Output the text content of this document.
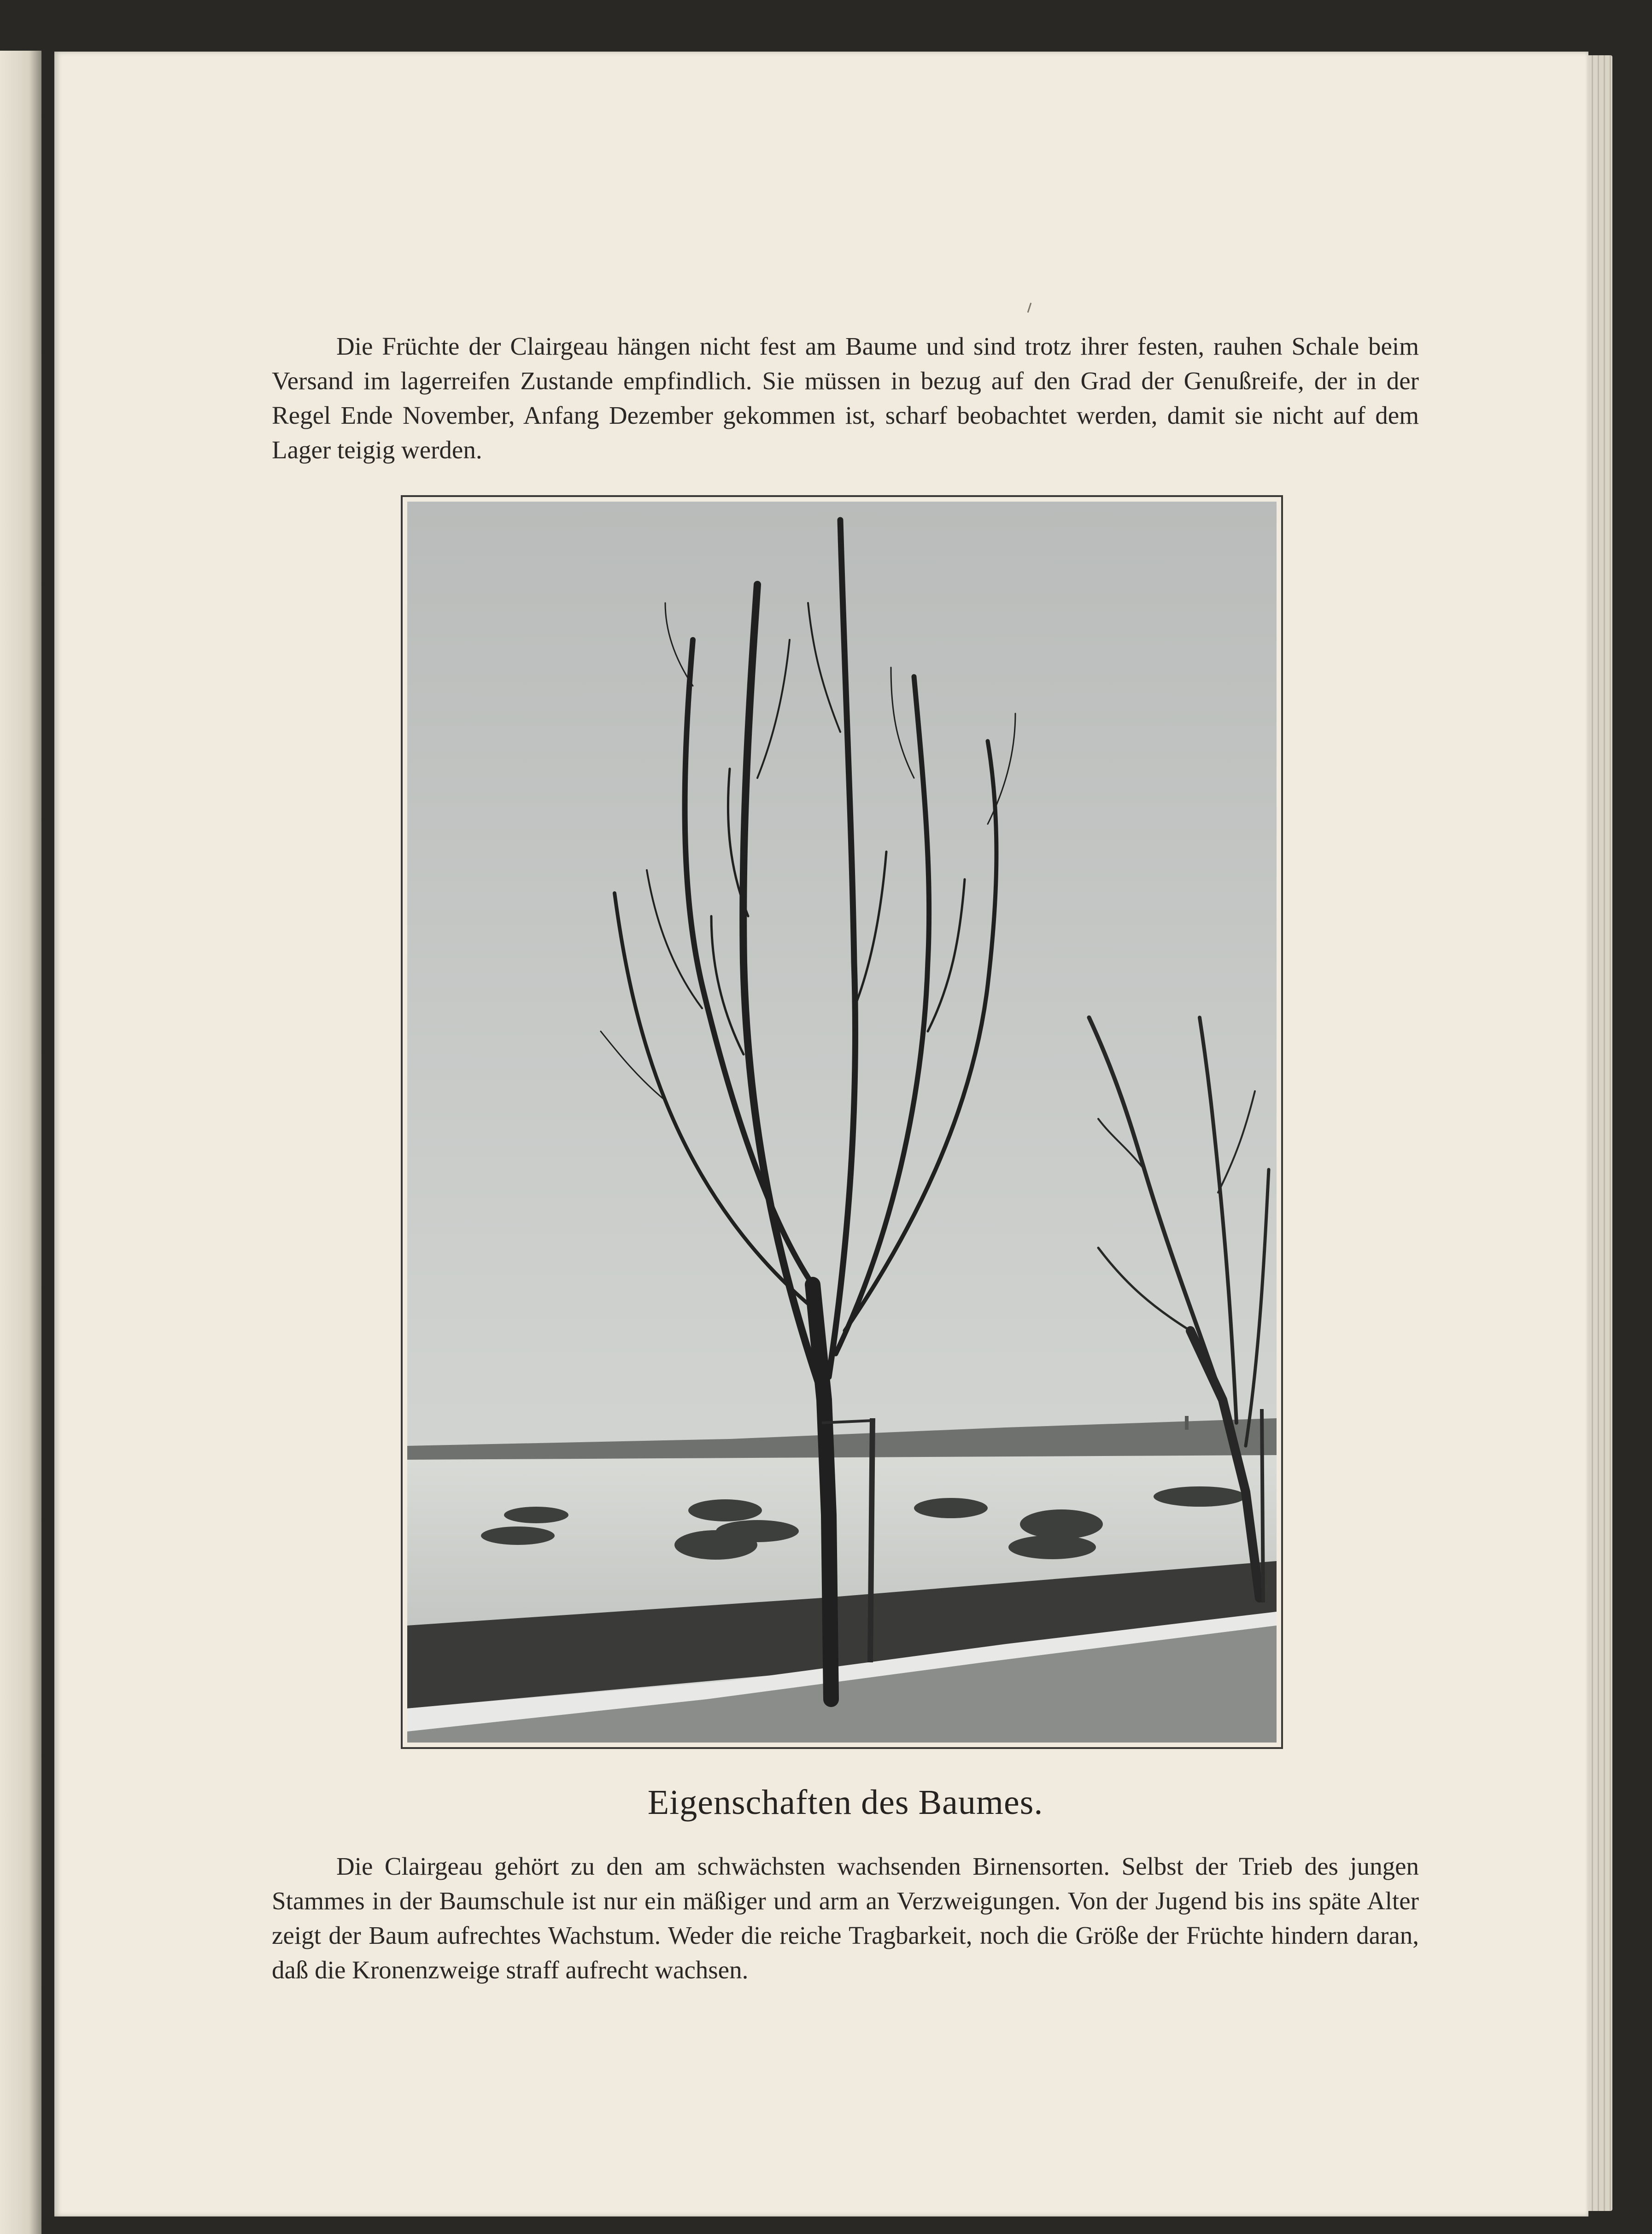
Die Früchte der Clairgeau hängen nicht fest am Baume und sind trotz ihrer festen, rauhen Schale beim Versand im lagerreifen Zustande empfindlich. Sie müssen in bezug auf den Grad der Genußreife, der in der Regel Ende November, Anfang Dezember gekommen ist, scharf beobachtet werden, damit sie nicht auf dem Lager teigig werden.

Eigenschaften des Baumes.

Die Clairgeau gehört zu den am schwächsten wachsenden Birnensorten. Selbst der Trieb des jungen Stammes in der Baumschule ist nur ein mäßiger und arm an Verzweigungen. Von der Jugend bis ins späte Alter zeigt der Baum aufrechtes Wachstum. Weder die reiche Tragbarkeit, noch die Größe der Früchte hindern daran, daß die Kronenzweige straff aufrecht wachsen.
